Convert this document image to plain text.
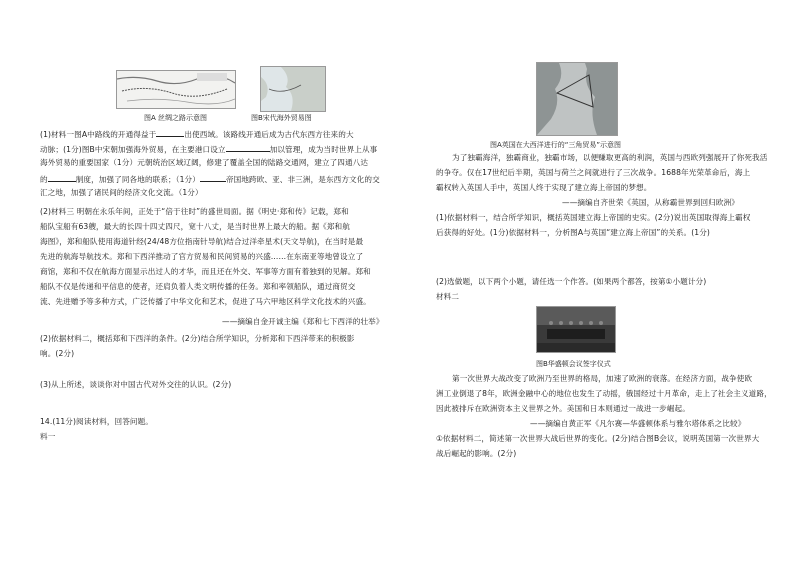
图A 丝绸之路示意图	图B宋代海外贸易图
(1)材料一图A中路线的开通得益于	出使西域。该路线开通后成为古代东西方往来的大
动脉；(1分)图B中宋朝加强海外贸易，在主要港口设立	加以管理，成为当时世界上从事
海外贸易的重要国家（1分）元朝统治区域辽阔，修建了覆盖全国的陆路交通网，建立了四通八达
的	制度，加强了同各地的联系；（1分）	帝国地跨欧、亚、非三洲，是东西方文化的交
汇之地，加强了诸民间的经济文化交流。（1分）
(2)材料三 明朝在永乐年间，正处于“倍于往时”的盛世局面。据《明史·郑和传》记载，郑和
船队宝船有63艘，最大的长四十四丈四尺，宽十八丈，是当时世界上最大的船。据《郑和航
海图》，郑和船队使用海道针经(24/48方位指南针导航)结合过洋牵星术(天文导航)，在当时是最
先进的航海导航技术。郑和下西洋推动了官方贸易和民间贸易的兴盛……在东南亚等地曾设立了
商馆，郑和不仅在航海方面显示出过人的才华，而且还在外交、军事等方面有着独到的见解。郑和
船队不仅是传递和平信息的使者，还肩负着人类文明传播的任务。郑和率领船队，通过商贸交
流、先进赠予等多种方式，广泛传播了中华文化和艺术，促进了马六甲地区科学文化技术的兴盛。
——摘编自金开诚主编《郑和七下西洋的壮举》
(2)依据材料二，概括郑和下西洋的条件。(2分)结合所学知识，分析郑和下西洋带来的积极影
响。(2分)
(3)从上所述，谈谈你对中国古代对外交往的认识。(2分)
14.(11分)阅读材料，回答问题。
料一
图A英国在大西洋进行的“三角贸易”示意图
为了独霸海洋，独霸商业，独霸市场，以便赚取更高的利润，英国与西欧列强展开了你死我活
的争夺。仅在17世纪后半期，英国与荷兰之间就进行了三次战争。1688年光荣革命后，海上
霸权转入英国人手中，英国人终于实现了建立海上帝国的梦想。
——摘编自齐世荣《英国，从称霸世界到回归欧洲》
(1)依据材料一，结合所学知识，概括英国建立海上帝国的史实。(2分)说出英国取得海上霸权
后获得的好处。(1分)依据材料一，分析图A与英国“建立海上帝国”的关系。(1分)
(2)选做题，以下两个小题，请任选一个作答。(如果两个都答，按第①小题计分)
材料二
图B华盛顿会议签字仪式
第一次世界大战改变了欧洲乃至世界的格局，加速了欧洲的衰落。在经济方面，战争使欧
洲工业倒退了8年，欧洲金融中心的地位也发生了动摇，俄国经过十月革命，走上了社会主义道路，
因此被排斥在欧洲资本主义世界之外。美国和日本则通过一战进一步崛起。
——摘编自黄正军《凡尔赛—华盛顿体系与雅尔塔体系之比较》
①依据材料二，简述第一次世界大战后世界的变化。(2分)结合图B会议，说明英国第一次世界大
战后崛起的影响。(2分)
